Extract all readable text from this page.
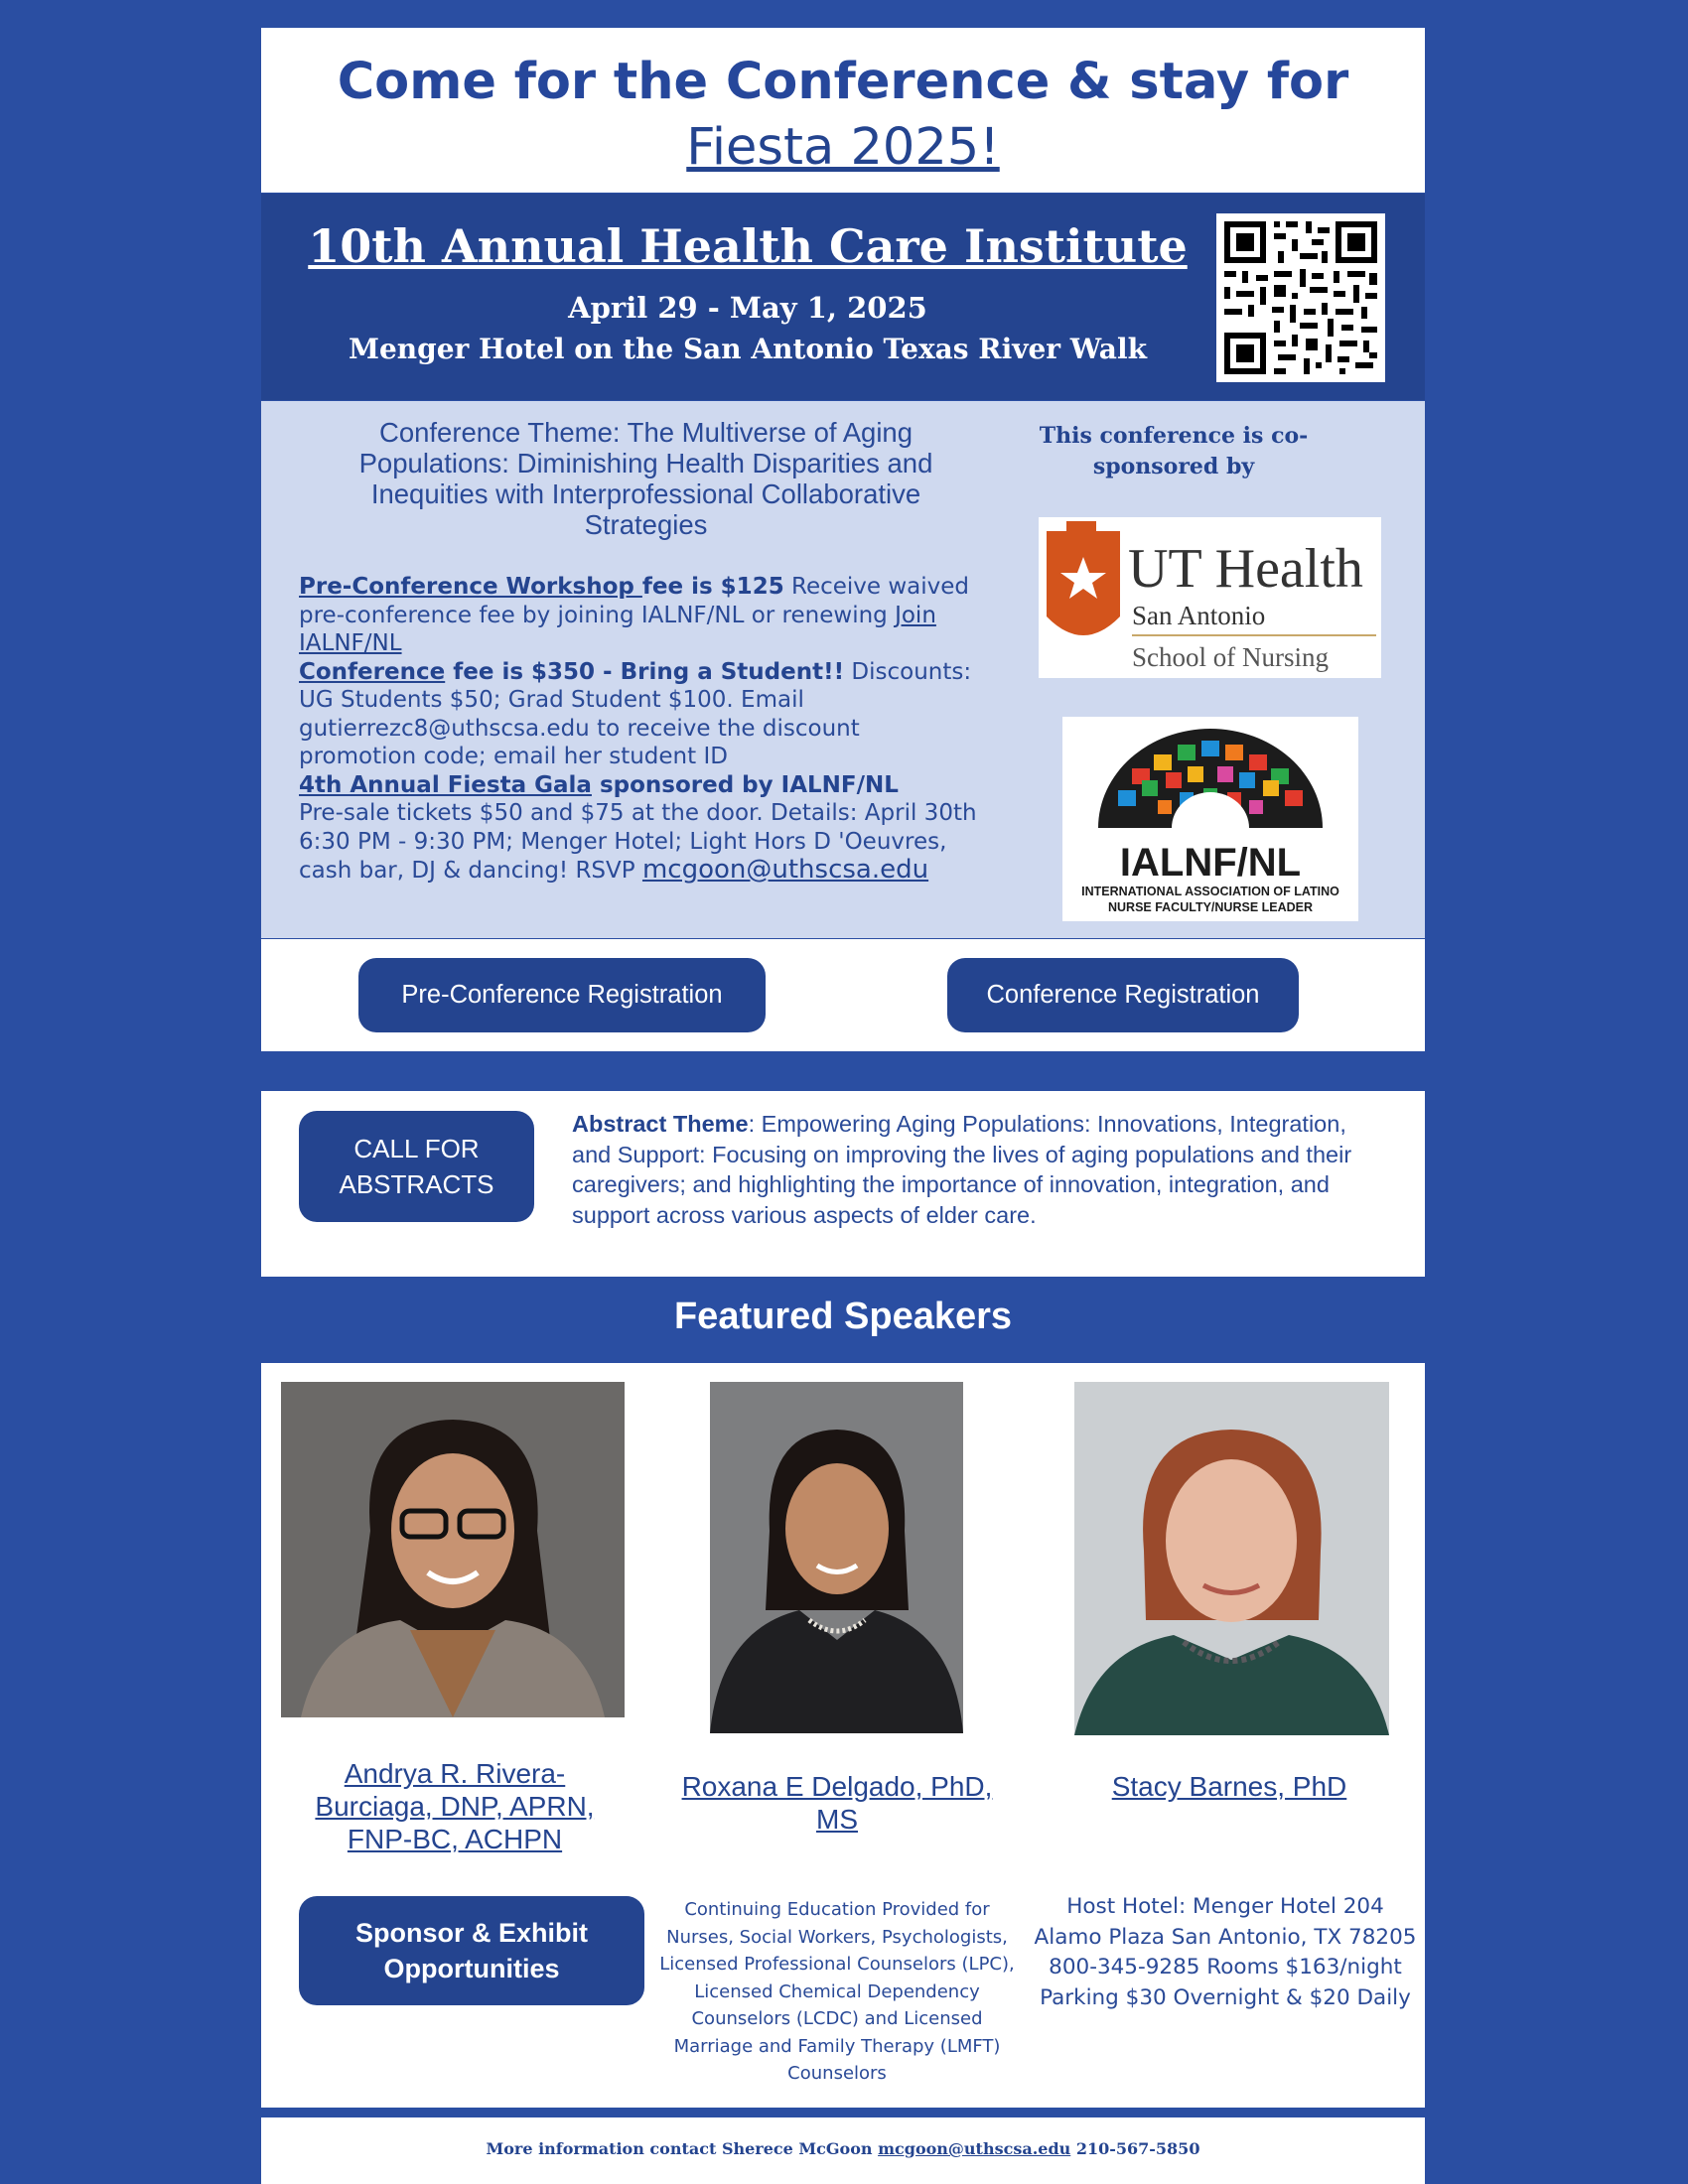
Come for the Conference & stay for Fiesta 2025!
10th Annual Health Care Institute
April 29 - May 1, 2025
Menger Hotel on the San Antonio Texas River Walk
Conference Theme: The Multiverse of Aging Populations: Diminishing Health Disparities and Inequities with Interprofessional Collaborative Strategies
Pre-Conference Workshop fee is $125 Receive waived pre-conference fee by joining IALNF/NL or renewing Join IALNF/NL
Conference fee is $350 - Bring a Student!! Discounts: UG Students $50; Grad Student $100. Email gutierrezc8@uthscsa.edu to receive the discount promotion code; email her student ID
4th Annual Fiesta Gala sponsored by IALNF/NL
Pre-sale tickets $50 and $75 at the door. Details: April 30th 6:30 PM - 9:30 PM; Menger Hotel; Light Hors D 'Oeuvres, cash bar, DJ & dancing! RSVP mcgoon@uthscsa.edu
This conference is co-sponsored by
UT Health
San Antonio
School of Nursing
IALNF/NL
INTERNATIONAL ASSOCIATION OF LATINO
NURSE FACULTY/NURSE LEADER
Pre-Conference Registration	Conference Registration
CALL FOR
ABSTRACTS
Abstract Theme: Empowering Aging Populations: Innovations, Integration, and Support: Focusing on improving the lives of aging populations and their caregivers; and highlighting the importance of innovation, integration, and support across various aspects of elder care.
Featured Speakers
Andrya R. Rivera-Burciaga, DNP, APRN, FNP-BC, ACHPN
Roxana E Delgado, PhD, MS
Stacy Barnes, PhD
Sponsor & Exhibit
Opportunities
Continuing Education Provided for Nurses, Social Workers, Psychologists, Licensed Professional Counselors (LPC), Licensed Chemical Dependency Counselors (LCDC) and Licensed Marriage and Family Therapy (LMFT) Counselors
Host Hotel: Menger Hotel 204 Alamo Plaza San Antonio, TX 78205
800-345-9285 Rooms $163/night
Parking $30 Overnight & $20 Daily
More information contact Sherece McGoon mcgoon@uthscsa.edu 210-567-5850
